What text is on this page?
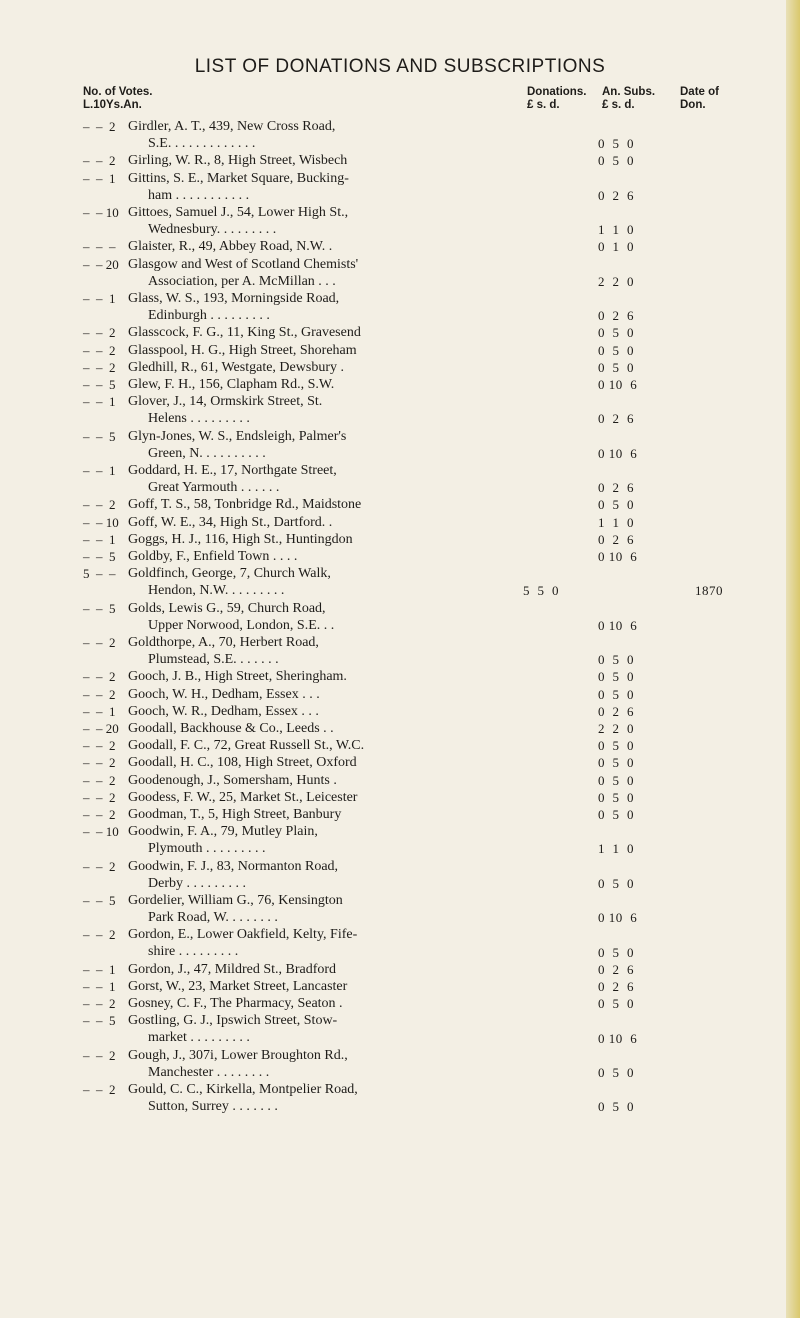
LIST OF DONATIONS AND SUBSCRIPTIONS
No. of Votes.
L.10Ys.An.
Donations.
£ s. d.
An. Subs.
£ s. d.
Date of
Don.
–  –  2 Girdler, A. T., 439, New Cross Road,
S.E. . . . . . . . . . . . .	0  5  0
–  –  2 Girling, W. R., 8, High Street, Wisbech	0  5  0
–  –  1 Gittins, S. E., Market Square, Bucking-
ham . . . . . . . . . . .	0  2  6
–  – 10 Gittoes, Samuel J., 54, Lower High St.,
Wednesbury. . . . . . . . .	1  1  0
–  –  – Glaister, R., 49, Abbey Road, N.W. .	0  1  0
–  – 20 Glasgow and West of Scotland Chemists'
Association, per A. McMillan . . .	2  2  0
–  –  1 Glass, W. S., 193, Morningside Road,
Edinburgh . . . . . . . . .	0  2  6
–  –  2 Glasscock, F. G., 11, King St., Gravesend	0  5  0
–  –  2 Glasspool, H. G., High Street, Shoreham	0  5  0
–  –  2 Gledhill, R., 61, Westgate, Dewsbury .	0  5  0
–  –  5 Glew, F. H., 156, Clapham Rd., S.W.	0 10  6
–  –  1 Glover, J., 14, Ormskirk Street, St.
Helens . . . . . . . . .	0  2  6
–  –  5 Glyn-Jones, W. S., Endsleigh, Palmer's
Green, N. . . . . . . . . .	0 10  6
–  –  1 Goddard, H. E., 17, Northgate Street,
Great Yarmouth . . . . . .	0  2  6
–  –  2 Goff, T. S., 58, Tonbridge Rd., Maidstone	0  5  0
–  – 10 Goff, W. E., 34, High St., Dartford. .	1  1  0
–  –  1 Goggs, H. J., 116, High St., Huntingdon	0  2  6
–  –  5 Goldby, F., Enfield Town . . . .	0 10  6
5  –  – Goldfinch, George, 7, Church Walk,
Hendon, N.W. . . . . . . . .	5  5  0	1870
–  –  5 Golds, Lewis G., 59, Church Road,
Upper Norwood, London, S.E. . .	0 10  6
–  –  2 Goldthorpe, A., 70, Herbert Road,
Plumstead, S.E. . . . . . .	0  5  0
–  –  2 Gooch, J. B., High Street, Sheringham.	0  5  0
–  –  2 Gooch, W. H., Dedham, Essex . . .	0  5  0
–  –  1 Gooch, W. R., Dedham, Essex . . .	0  2  6
–  – 20 Goodall, Backhouse & Co., Leeds . .	2  2  0
–  –  2 Goodall, F. C., 72, Great Russell St., W.C.	0  5  0
–  –  2 Goodall, H. C., 108, High Street, Oxford	0  5  0
–  –  2 Goodenough, J., Somersham, Hunts .	0  5  0
–  –  2 Goodess, F. W., 25, Market St., Leicester	0  5  0
–  –  2 Goodman, T., 5, High Street, Banbury	0  5  0
–  – 10 Goodwin, F. A., 79, Mutley Plain,
Plymouth . . . . . . . . .	1  1  0
–  –  2 Goodwin, F. J., 83, Normanton Road,
Derby . . . . . . . . .	0  5  0
–  –  5 Gordelier, William G., 76, Kensington
Park Road, W. . . . . . . .	0 10  6
–  –  2 Gordon, E., Lower Oakfield, Kelty, Fife-
shire . . . . . . . . .	0  5  0
–  –  1 Gordon, J., 47, Mildred St., Bradford	0  2  6
–  –  1 Gorst, W., 23, Market Street, Lancaster	0  2  6
–  –  2 Gosney, C. F., The Pharmacy, Seaton .	0  5  0
–  –  5 Gostling, G. J., Ipswich Street, Stow-
market . . . . . . . . .	0 10  6
–  –  2 Gough, J., 307i, Lower Broughton Rd.,
Manchester . . . . . . . .	0  5  0
–  –  2 Gould, C. C., Kirkella, Montpelier Road,
Sutton, Surrey . . . . . . .	0  5  0
